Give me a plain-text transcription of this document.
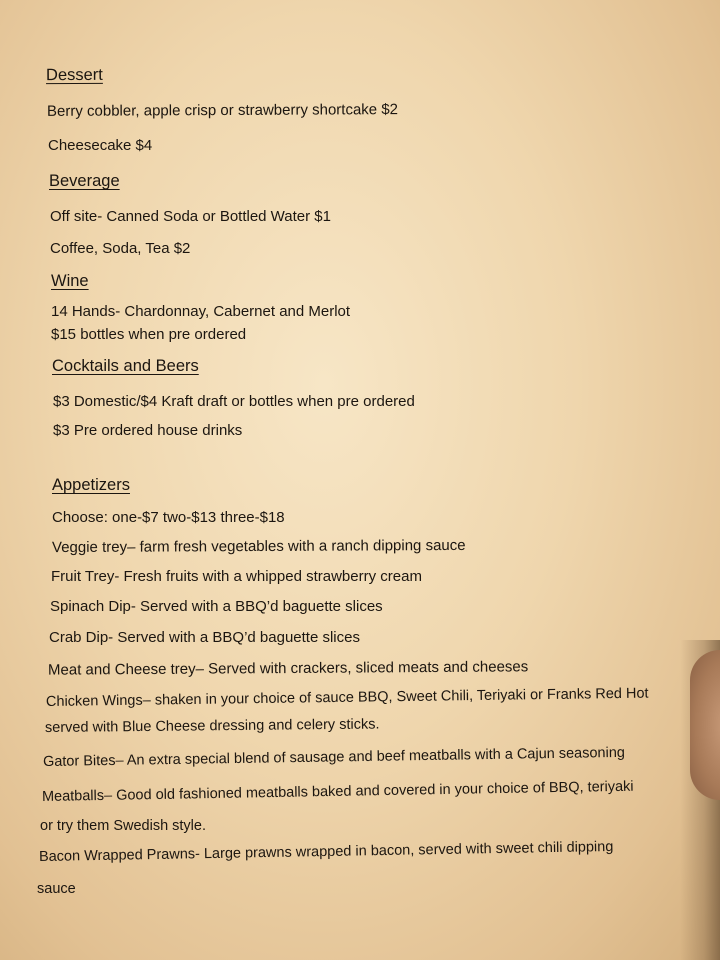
Dessert
Berry cobbler, apple crisp or strawberry shortcake $2
Cheesecake $4
Beverage
Off site- Canned Soda or Bottled Water $1
Coffee, Soda, Tea $2
Wine
14 Hands- Chardonnay, Cabernet and Merlot
$15 bottles when pre ordered
Cocktails and Beers
$3 Domestic/$4 Kraft draft or bottles when pre ordered
$3 Pre ordered house drinks
Appetizers
Choose: one-$7 two-$13 three-$18
Veggie trey– farm fresh vegetables with a ranch dipping sauce
Fruit Trey- Fresh fruits with a whipped strawberry cream
Spinach Dip- Served with a BBQ’d baguette slices
Crab Dip- Served with a BBQ’d baguette slices
Meat and Cheese trey– Served with crackers, sliced meats and cheeses
Chicken Wings– shaken in your choice of sauce BBQ, Sweet Chili, Teriyaki or Franks Red Hot
served with Blue Cheese dressing and celery sticks.
Gator Bites– An extra special blend of sausage and beef meatballs with a Cajun seasoning
Meatballs– Good old fashioned meatballs baked and covered in your choice of BBQ, teriyaki
or try them Swedish style.
Bacon Wrapped Prawns- Large prawns wrapped in bacon, served with sweet chili dipping
sauce
